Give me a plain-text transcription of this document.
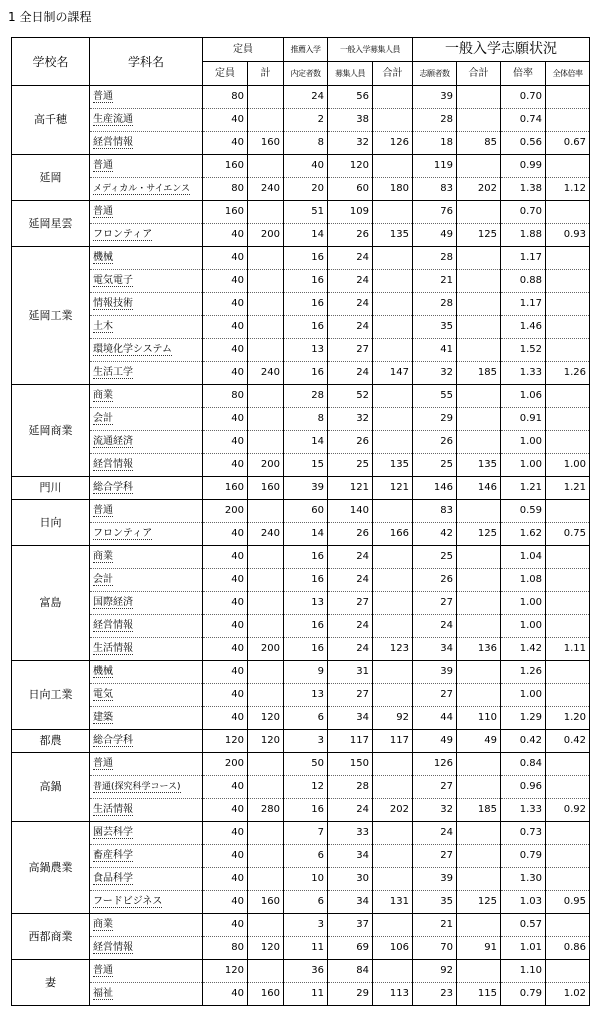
1 全日制の課程
学校名	学科名	定員		推薦入学	一般入学募集人員		一般入学志願状況			
		定員	計	内定者数	募集人員	合計	志願者数	合計	倍率	全体倍率
高千穂	普通	80		24	56		39		0.70	
	生産流通	40		2	38		28		0.74	
	経営情報	40	160	8	32	126	18	85	0.56	0.67
延岡	普通	160		40	120		119		0.99	
	メディカル・サイエンス	80	240	20	60	180	83	202	1.38	1.12
延岡星雲	普通	160		51	109		76		0.70	
	フロンティア	40	200	14	26	135	49	125	1.88	0.93
延岡工業	機械	40		16	24		28		1.17	
	電気電子	40		16	24		21		0.88	
	情報技術	40		16	24		28		1.17	
	土木	40		16	24		35		1.46	
	環境化学システム	40		13	27		41		1.52	
	生活工学	40	240	16	24	147	32	185	1.33	1.26
延岡商業	商業	80		28	52		55		1.06	
	会計	40		8	32		29		0.91	
	流通経済	40		14	26		26		1.00	
	経営情報	40	200	15	25	135	25	135	1.00	1.00
門川	総合学科	160	160	39	121	121	146	146	1.21	1.21
日向	普通	200		60	140		83		0.59	
	フロンティア	40	240	14	26	166	42	125	1.62	0.75
富島	商業	40		16	24		25		1.04	
	会計	40		16	24		26		1.08	
	国際経済	40		13	27		27		1.00	
	経営情報	40		16	24		24		1.00	
	生活情報	40	200	16	24	123	34	136	1.42	1.11
日向工業	機械	40		9	31		39		1.26	
	電気	40		13	27		27		1.00	
	建築	40	120	6	34	92	44	110	1.29	1.20
都農	総合学科	120	120	3	117	117	49	49	0.42	0.42
高鍋	普通	200		50	150		126		0.84	
	普通(探究科学コース)	40		12	28		27		0.96	
	生活情報	40	280	16	24	202	32	185	1.33	0.92
高鍋農業	園芸科学	40		7	33		24		0.73	
	畜産科学	40		6	34		27		0.79	
	食品科学	40		10	30		39		1.30	
	フードビジネス	40	160	6	34	131	35	125	1.03	0.95
西都商業	商業	40		3	37		21		0.57	
	経営情報	80	120	11	69	106	70	91	1.01	0.86
妻	普通	120		36	84		92		1.10	
	福祉	40	160	11	29	113	23	115	0.79	1.02
